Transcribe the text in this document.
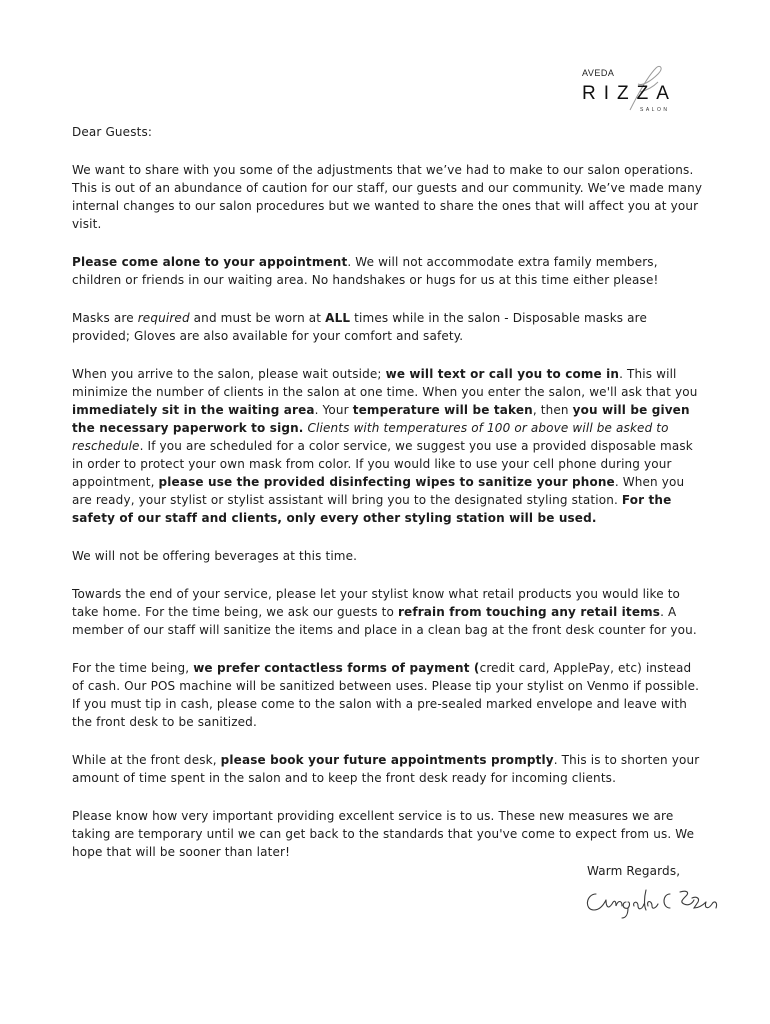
AVEDA
RIZZA
SALON

Dear Guests:

We want to share with you some of the adjustments that we’ve had to make to our salon operations. This is out of an abundance of caution for our staff, our guests and our community. We’ve made many internal changes to our salon procedures but we wanted to share the ones that will affect you at your visit.

Please come alone to your appointment. We will not accommodate extra family members, children or friends in our waiting area. No handshakes or hugs for us at this time either please!

Masks are required and must be worn at ALL times while in the salon - Disposable masks are provided; Gloves are also available for your comfort and safety.

When you arrive to the salon, please wait outside; we will text or call you to come in. This will minimize the number of clients in the salon at one time. When you enter the salon, we'll ask that you immediately sit in the waiting area. Your temperature will be taken, then you will be given the necessary paperwork to sign. Clients with temperatures of 100 or above will be asked to reschedule. If you are scheduled for a color service, we suggest you use a provided disposable mask in order to protect your own mask from color. If you would like to use your cell phone during your appointment, please use the provided disinfecting wipes to sanitize your phone. When you are ready, your stylist or stylist assistant will bring you to the designated styling station. For the safety of our staff and clients, only every other styling station will be used.

We will not be offering beverages at this time.

Towards the end of your service, please let your stylist know what retail products you would like to take home. For the time being, we ask our guests to refrain from touching any retail items. A member of our staff will sanitize the items and place in a clean bag at the front desk counter for you.

For the time being, we prefer contactless forms of payment (credit card, ApplePay, etc) instead of cash. Our POS machine will be sanitized between uses. Please tip your stylist on Venmo if possible. If you must tip in cash, please come to the salon with a pre-sealed marked envelope and leave with the front desk to be sanitized.

While at the front desk, please book your future appointments promptly. This is to shorten your amount of time spent in the salon and to keep the front desk ready for incoming clients.

Please know how very important providing excellent service is to us. These new measures we are taking are temporary until we can get back to the standards that you've come to expect from us. We hope that will be sooner than later!

Warm Regards,
